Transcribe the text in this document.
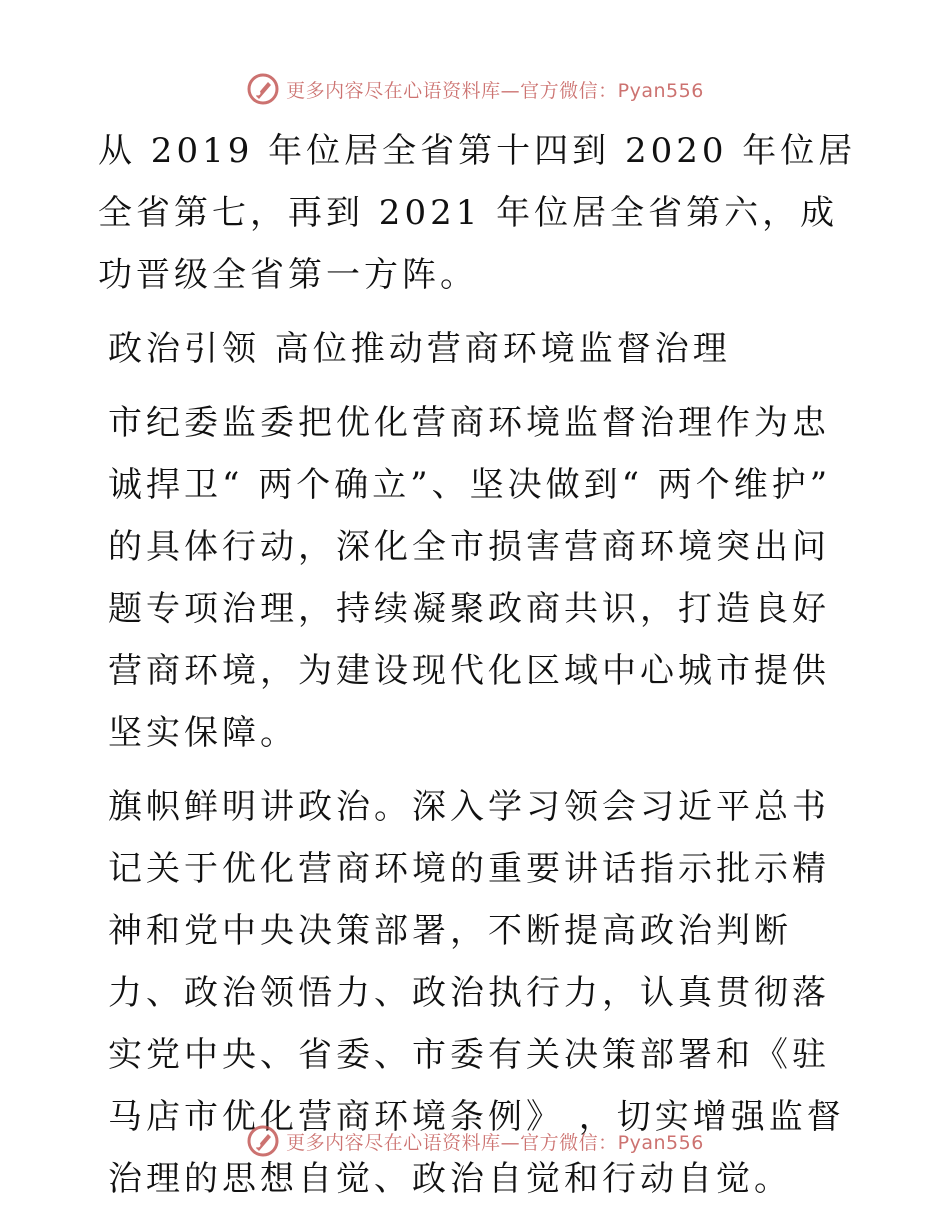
更多内容尽在心语资料库—官方微信：Pyan556

从 2019 年位居全省第十四到 2020 年位居全省第七，再到 2021 年位居全省第六，成功晋级全省第一方阵。

政治引领 高位推动营商环境监督治理

市纪委监委把优化营商环境监督治理作为忠诚捍卫“ 两个确立”、坚决做到“ 两个维护” 的具体行动，深化全市损害营商环境突出问题专项治理，持续凝聚政商共识，打造良好营商环境，为建设现代化区域中心城市提供坚实保障。

旗帜鲜明讲政治。深入学习领会习近平总书记关于优化营商环境的重要讲话指示批示精神和党中央决策部署，不断提高政治判断力、政治领悟力、政治执行力，认真贯彻落实党中央、省委、市委有关决策部署和《驻马店市优化营商环境条例》 ，切实增强监督治理的思想自觉、政治自觉和行动自觉。

更多内容尽在心语资料库—官方微信：Pyan556
